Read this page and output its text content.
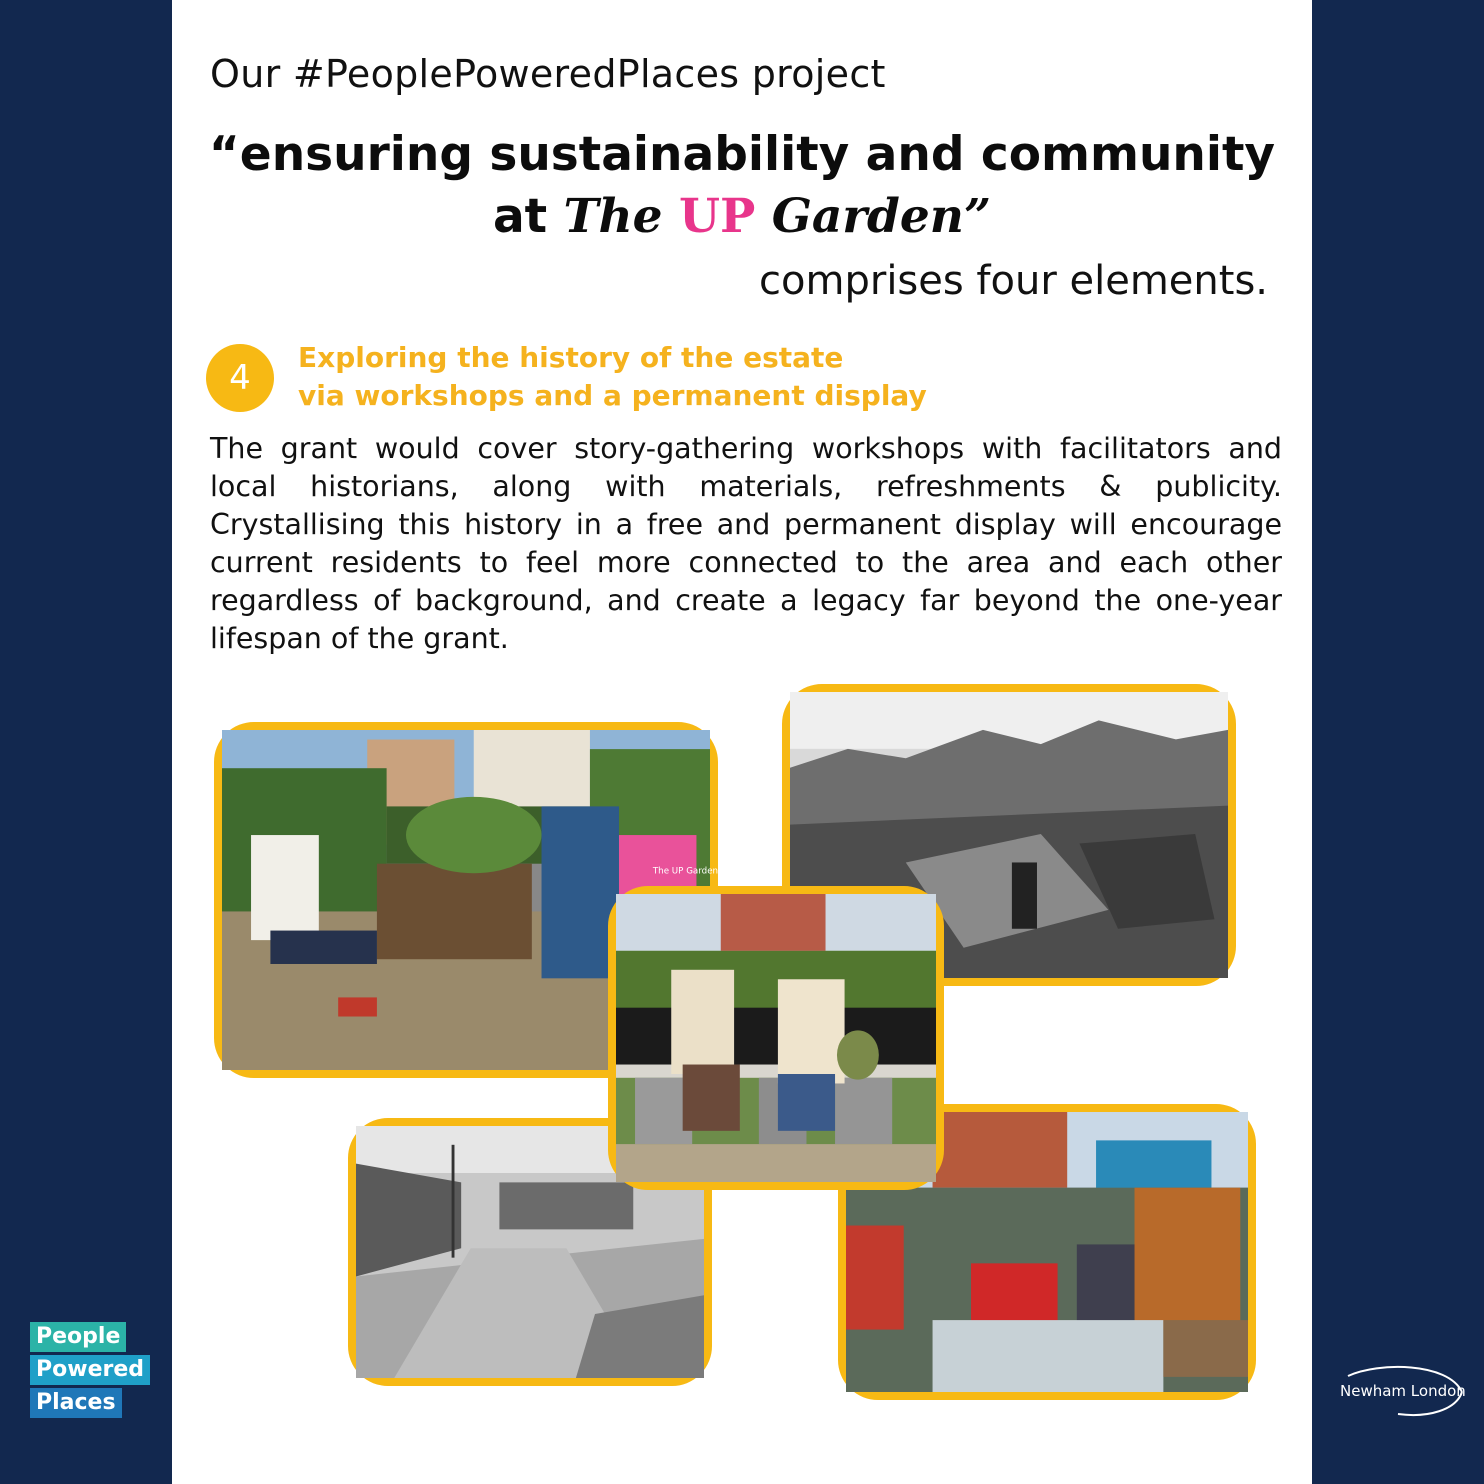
Our #PeoplePoweredPlaces project
“ensuring sustainability and community
at The UP Garden”
comprises four elements.
4
Exploring the history of the estate
via workshops and a permanent display
The grant would cover story-gathering workshops with facilitators and local historians, along with materials, refreshments & publicity. Crystallising this history in a free and permanent display will encourage current residents to feel more connected to the area and each other regardless of background, and create a legacy far beyond the one-year lifespan of the grant.
The UP Garden
People
Powered
Places	Newham London
